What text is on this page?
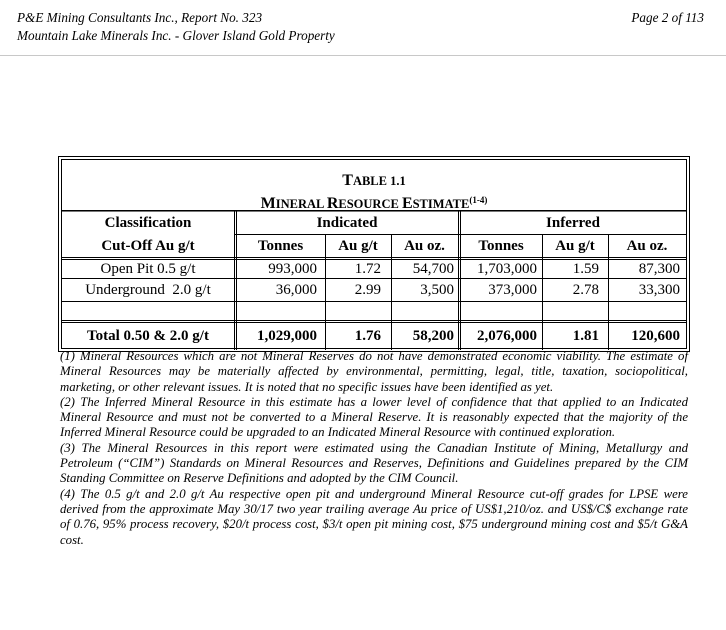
P&E Mining Consultants Inc., Report No. 323
Mountain Lake Minerals Inc. - Glover Island Gold Property
Page 2 of 113
TABLE 1.1
MINERAL RESOURCE ESTIMATE$^{(1-4)}$
Classification	Indicated	Inferred
Cut-Off Au g/t	Tonnes	Au g/t	Au oz.	Tonnes	Au g/t	Au oz.
Open Pit 0.5 g/t	993,000	1.72	54,700	1,703,000	1.59	87,300
Underground  2.0 g/t	36,000	2.99	3,500	373,000	2.78	33,300
Total 0.50 & 2.0 g/t	1,029,000	1.76	58,200	2,076,000	1.81	120,600

(1) Mineral Resources which are not Mineral Reserves do not have demonstrated economic viability. The estimate of Mineral Resources may be materially affected by environmental, permitting, legal, title, taxation, sociopolitical, marketing, or other relevant issues. It is noted that no specific issues have been identified as yet.

(2) The Inferred Mineral Resource in this estimate has a lower level of confidence that that applied to an Indicated Mineral Resource and must not be converted to a Mineral Reserve. It is reasonably expected that the majority of the Inferred Mineral Resource could be upgraded to an Indicated Mineral Resource with continued exploration.

(3) The Mineral Resources in this report were estimated using the Canadian Institute of Mining, Metallurgy and Petroleum (“CIM”) Standards on Mineral Resources and Reserves, Definitions and Guidelines prepared by the CIM Standing Committee on Reserve Definitions and adopted by the CIM Council.

(4) The 0.5 g/t and 2.0 g/t Au respective open pit and underground Mineral Resource cut-off grades for LPSE were derived from the approximate May 30/17 two year trailing average Au price of US$1,210/oz. and US$/C$ exchange rate of 0.76, 95% process recovery, $20/t process cost, $3/t open pit mining cost, $75 underground mining cost and $5/t G&A cost.
